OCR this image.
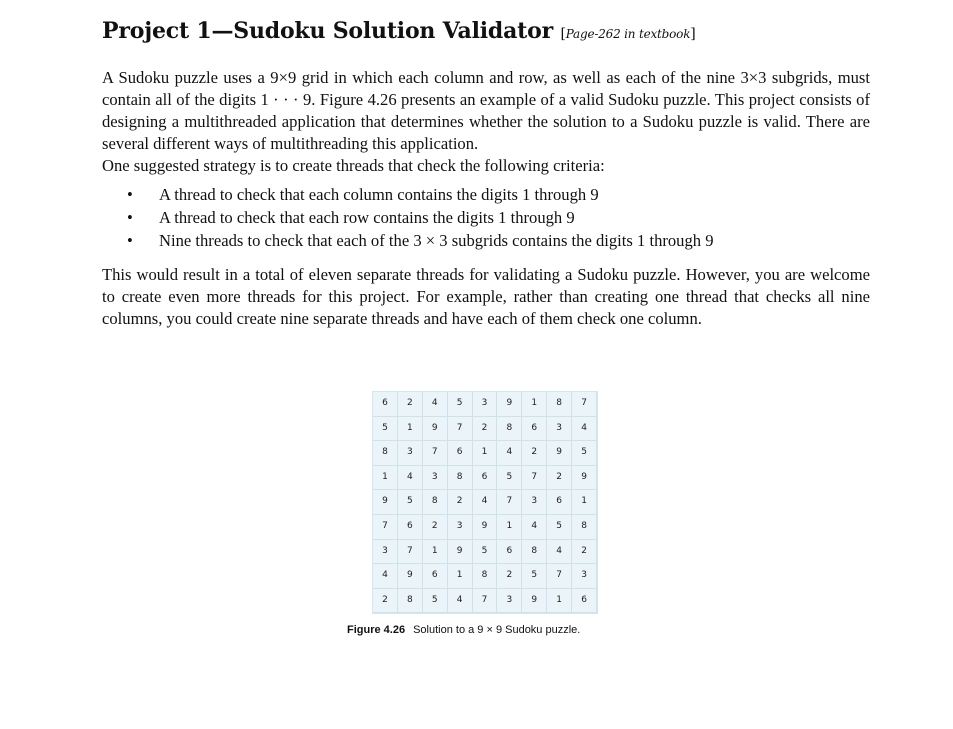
Project 1—Sudoku Solution Validator [Page-262 in textbook]

A Sudoku puzzle uses a 9×9 grid in which each column and row, as well as each of the nine 3×3 subgrids, must contain all of the digits 1 · · · 9. Figure 4.26 presents an example of a valid Sudoku puzzle. This project consists of designing a multithreaded application that determines whether the solution to a Sudoku puzzle is valid. There are several different ways of multithreading this application.

One suggested strategy is to create threads that check the following criteria:

• A thread to check that each column contains the digits 1 through 9
• A thread to check that each row contains the digits 1 through 9
• Nine threads to check that each of the 3 × 3 subgrids contains the digits 1 through 9

This would result in a total of eleven separate threads for validating a Sudoku puzzle. However, you are welcome to create even more threads for this project. For example, rather than creating one thread that checks all nine columns, you could create nine separate threads and have each of them check one column.

6	2	4	5	3	9	1	8	7
5	1	9	7	2	8	6	3	4
8	3	7	6	1	4	2	9	5
1	4	3	8	6	5	7	2	9
9	5	8	2	4	7	3	6	1
7	6	2	3	9	1	4	5	8
3	7	1	9	5	6	8	4	2
4	9	6	1	8	2	5	7	3
2	8	5	4	7	3	9	1	6
Figure 4.26 Solution to a 9 × 9 Sudoku puzzle.
